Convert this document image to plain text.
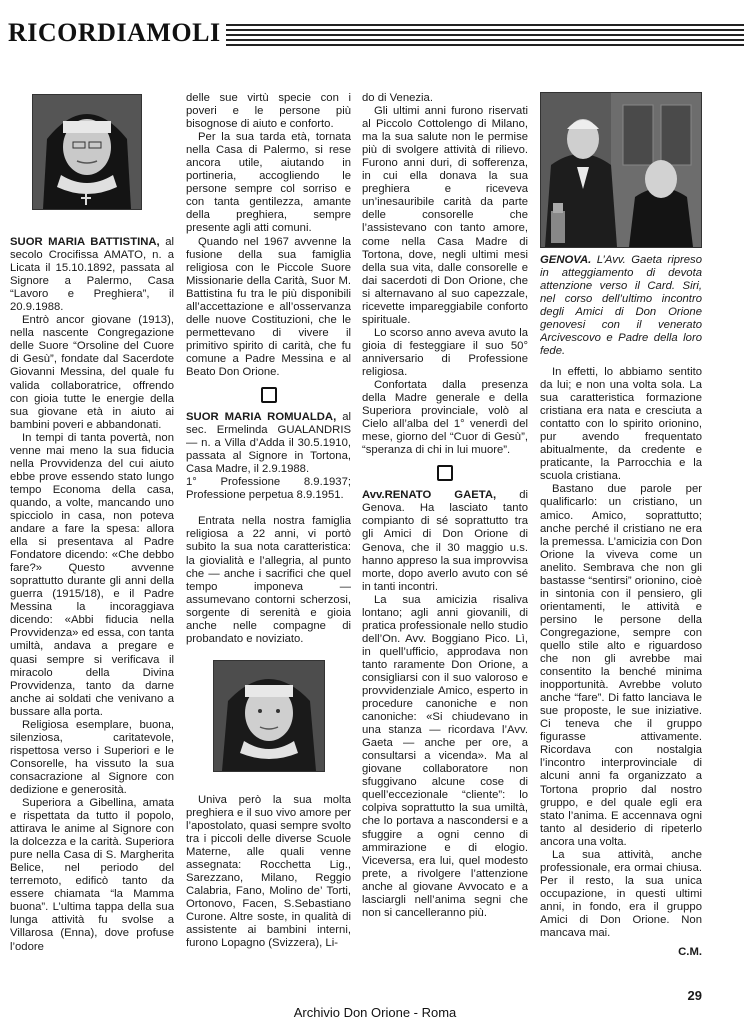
RICORDIAMOLI

SUOR MARIA BATTISTINA, al secolo Crocifissa AMATO, n. a Licata il 15.10.1892, passata al Signore a Palermo, Casa “Lavoro e Preghiera”, il 20.9.1988.

Entrò ancor giovane (1913), nella nascente Congregazione delle Suore “Orsoline del Cuore di Gesù”, fondate dal Sacerdote Giovanni Messina, del quale fu valida collaboratrice, offrendo con gioia tutte le energie della sua giovane età in aiuto ai bambini poveri e abbandonati.

In tempi di tanta povertà, non venne mai meno la sua fiducia nella Provvidenza del cui aiuto ebbe prove essendo stato lungo tempo Economa della casa, quando, a volte, mancando uno spicciolo in casa, non poteva andare a fare la spesa: allora ella si presentava al Padre Fondatore dicendo: «Che debbo fare?» Questo avvenne soprattutto durante gli anni della guerra (1915/18), e il Padre Messina la incoraggiava dicendo: «Abbi fiducia nella Provvidenza» ed essa, con tanta umiltà, andava a pregare e quasi sempre si verificava il miracolo della Divina Provvidenza, tanto da darne anche ai soldati che venivano a bussare alla porta.

Religiosa esemplare, buona, silenziosa, caritatevole, rispettosa verso i Superiori e le Consorelle, ha vissuto la sua consacrazione al Signore con dedizione e generosità.

Superiora a Gibellina, amata e rispettata da tutto il popolo, attirava le anime al Signore con la dolcezza e la carità. Superiora pure nella Casa di S. Margherita Belice, nel periodo del terremoto, edificò tanto da essere chiamata “la Mamma buona”. L’ultima tappa della sua lunga attività fu svolse a Villarosa (Enna), dove profuse l’odore

delle sue virtù specie con i poveri e le persone più bisognose di aiuto e conforto.

Per la sua tarda età, tornata nella Casa di Palermo, si rese ancora utile, aiutando in portineria, accogliendo le persone sempre col sorriso e con tanta gentilezza, amante della preghiera, sempre presente agli atti comuni.

Quando nel 1967 avvenne la fusione della sua famiglia religiosa con le Piccole Suore Missionarie della Carità, Suor M. Battistina fu tra le più disponibili all’accettazione e all’osservanza delle nuove Costituzioni, che le permettevano di vivere il primitivo spirito di carità, che fu comune a Padre Messina e al Beato Don Orione.

SUOR MARIA ROMUALDA, al sec. Ermelinda GUALANDRIS — n. a Villa d’Adda il 30.5.1910, passata al Signore in Tortona, Casa Madre, il 2.9.1988.

1° Professione 8.9.1937; Professione perpetua 8.9.1951.

Entrata nella nostra famiglia religiosa a 22 anni, vi portò subito la sua nota caratteristica: la giovialità e l’allegria, al punto che — anche i sacrifici che quel tempo imponeva — assumevano contorni scherzosi, sorgente di serenità e gioia anche nelle compagne di probandato e noviziato.

Univa però la sua molta preghiera e il suo vivo amore per l’apostolato, quasi sempre svolto tra i piccoli delle diverse Scuole Materne, alle quali venne assegnata: Rocchetta Lig., Sarezzano, Milano, Reggio Calabria, Fano, Molino de’ Torti, Ortonovo, Facen, S.Sebastiano Curone. Altre soste, in qualità di assistente ai bambini interni, furono Lopagno (Svizzera), Li-

do di Venezia.

Gli ultimi anni furono riservati al Piccolo Cottolengo di Milano, ma la sua salute non le permise più di svolgere attività di rilievo. Furono anni duri, di sofferenza, in cui ella donava la sua preghiera e riceveva un’inesauribile carità da parte delle consorelle che l’assistevano con tanto amore, come nella Casa Madre di Tortona, dove, negli ultimi mesi della sua vita, dalle consorelle e dai sacerdoti di Don Orione, che si alternavano al suo capezzale, ricevette impareggiabile conforto spirituale.

Lo scorso anno aveva avuto la gioia di festeggiare il suo 50° anniversario di Professione religiosa.

Confortata dalla presenza della Madre generale e della Superiora provinciale, volò al Cielo all’alba del 1° venerdì del mese, giorno del “Cuor di Gesù”, “speranza di chi in lui muore”.

Avv.RENATO GAETA, di Genova. Ha lasciato tanto compianto di sé soprattutto tra gli Amici di Don Orione di Genova, che il 30 maggio u.s. hanno appreso la sua improvvisa morte, dopo averlo avuto con sé in tanti incontri.

La sua amicizia risaliva lontano; agli anni giovanili, di pratica professionale nello studio dell’On. Avv. Boggiano Pico. Lì, in quell’ufficio, approdava non tanto raramente Don Orione, a consigliarsi con il suo valoroso e provvidenziale Amico, esperto in procedure canoniche e non canoniche: «Si chiudevano in una stanza — ricordava l’Avv. Gaeta — anche per ore, a consultarsi a vicenda». Ma al giovane collaboratore non sfuggivano alcune cose di quell’eccezionale “cliente”: lo colpiva soprattutto la sua umiltà, che lo portava a nascondersi e a sfuggire a ogni cenno di ammirazione e di elogio. Viceversa, era lui, quel modesto prete, a rivolgere l’attenzione anche al giovane Avvocato e a lasciargli nell’anima segni che non si cancelleranno più.

GENOVA. L’Avv. Gaeta ripreso in atteggiamento di devota attenzione verso il Card. Siri, nel corso dell’ultimo incontro degli Amici di Don Orione genovesi con il venerato Arcivescovo e Padre della loro fede.

In effetti, lo abbiamo sentito da lui; e non una volta sola. La sua caratteristica formazione cristiana era nata e cresciuta a contatto con lo spirito orionino, pur avendo frequentato abitualmente, da credente e praticante, la Parrocchia e la scuola cristiana.

Bastano due parole per qualificarlo: un cristiano, un amico. Amico, soprattutto; anche perché il cristiano ne era la premessa. L’amicizia con Don Orione la viveva come un anelito. Sembrava che non gli bastasse “sentirsi” orionino, cioè in sintonia con il pensiero, gli orientamenti, le attività e persino le persone della Congregazione, sempre con quello stile alto e riguardoso che non gli avrebbe mai consentito la benché minima inopportunità. Avrebbe voluto anche “fare”. Di fatto lanciava le sue proposte, le sue iniziative. Ci teneva che il gruppo figurasse attivamente. Ricordava con nostalgia l’incontro interprovinciale di alcuni anni fa organizzato a Tortona proprio dal nostro gruppo, e del quale egli era stato l’anima. E accennava ogni tanto al desiderio di ripeterlo ancora una volta.

La sua attività, anche professionale, era ormai chiusa. Per il resto, la sua unica occupazione, in questi ultimi anni, in fondo, era il gruppo Amici di Don Orione. Non mancava mai.

C.M.

29
Archivio Don Orione - Roma
